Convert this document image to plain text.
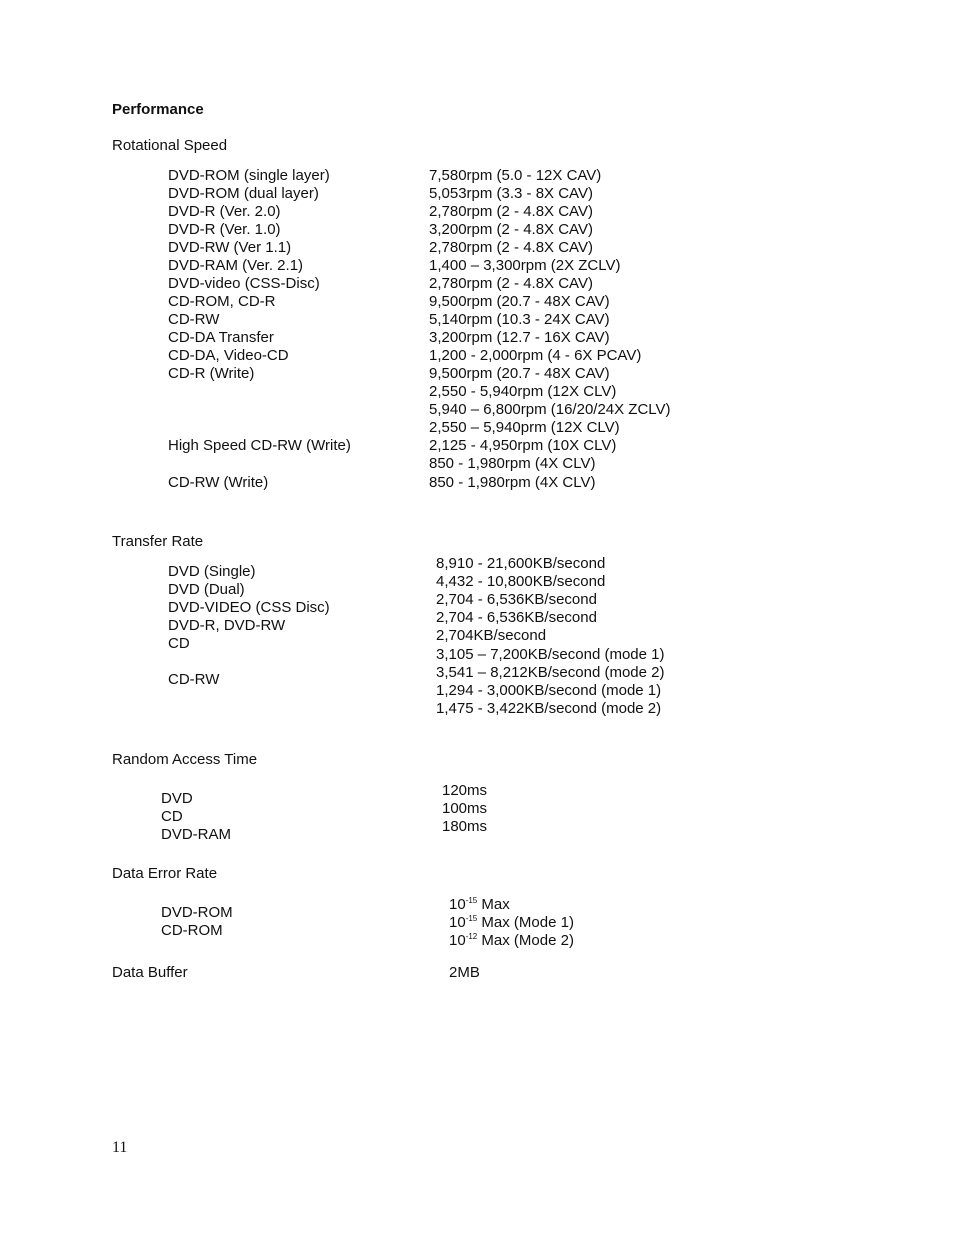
Performance
Rotational Speed
DVD-ROM (single layer)
DVD-ROM (dual layer)
DVD-R (Ver. 2.0)
DVD-R (Ver. 1.0)
DVD-RW (Ver 1.1)
DVD-RAM (Ver. 2.1)
DVD-video (CSS-Disc)
CD-ROM, CD-R
CD-RW
CD-DA Transfer
CD-DA, Video-CD
CD-R (Write)
High Speed CD-RW (Write)
CD-RW (Write)
7,580rpm (5.0 - 12X CAV)
5,053rpm (3.3 - 8X CAV)
2,780rpm (2 - 4.8X CAV)
3,200rpm (2 - 4.8X CAV)
2,780rpm (2 - 4.8X CAV)
1,400 – 3,300rpm (2X ZCLV)
2,780rpm (2 - 4.8X CAV)
9,500rpm (20.7 - 48X CAV)
5,140rpm (10.3 - 24X CAV)
3,200rpm (12.7 - 16X CAV)
1,200 - 2,000rpm (4 - 6X PCAV)
9,500rpm (20.7 - 48X CAV)
2,550 - 5,940rpm (12X CLV)
5,940 – 6,800rpm (16/20/24X ZCLV)
2,550 – 5,940prm (12X CLV)
2,125 - 4,950rpm (10X CLV)
850 - 1,980rpm (4X CLV)
850 - 1,980rpm (4X CLV)
Transfer Rate
DVD (Single)
DVD (Dual)
DVD-VIDEO (CSS Disc)
DVD-R, DVD-RW
CD
CD-RW
8,910 - 21,600KB/second
4,432 - 10,800KB/second
2,704 - 6,536KB/second
2,704 - 6,536KB/second
2,704KB/second
3,105 – 7,200KB/second (mode 1)
3,541 – 8,212KB/second (mode 2)
1,294 - 3,000KB/second (mode 1)
1,475 - 3,422KB/second (mode 2)
Random Access Time
DVD
CD
DVD-RAM
120ms
100ms
180ms
Data Error Rate
DVD-ROM
CD-ROM
$10^{-15}$ Max
$10^{-15}$ Max (Mode 1)
$10^{-12}$ Max (Mode 2)
Data Buffer	2MB
11
